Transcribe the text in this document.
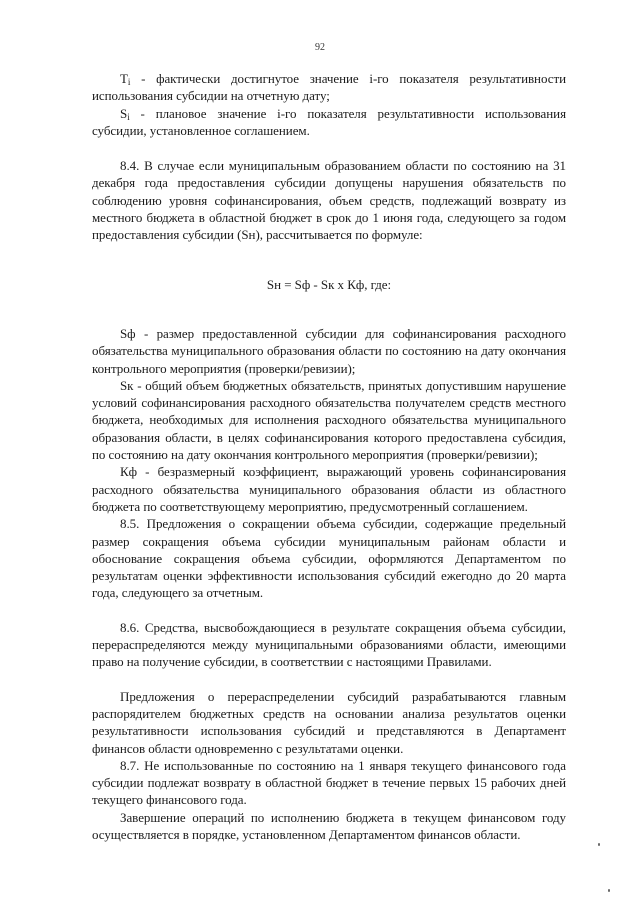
92

$T_i$ - фактически достигнутое значение i-го показателя результативности использования субсидии на отчетную дату;

$S_i$ - плановое значение i-го показателя результативности использования субсидии, установленное соглашением.

8.4. В случае если муниципальным образованием области по состоянию на 31 декабря года предоставления субсидии допущены нарушения обязательств по соблюдению уровня софинансирования, объем средств, подлежащий возврату из местного бюджета в областной бюджет в срок до 1 июня года, следующего за годом предоставления субсидии (Sн), рассчитывается по формуле:

Sн = Sф - Sк х Кф, где:

Sф - размер предоставленной субсидии для софинансирования расходного обязательства муниципального образования области по состоянию на дату окончания контрольного мероприятия (проверки/ревизии);

Sк - общий объем бюджетных обязательств, принятых допустившим нарушение условий софинансирования расходного обязательства получателем средств местного бюджета, необходимых для исполнения расходного обязательства муниципального образования области, в целях софинансирования которого предоставлена субсидия, по состоянию на дату окончания контрольного мероприятия (проверки/ревизии);

Кф - безразмерный коэффициент, выражающий уровень софинансирования расходного обязательства муниципального образования области из областного бюджета по соответствующему мероприятию, предусмотренный соглашением.

8.5. Предложения о сокращении объема субсидии, содержащие предельный размер сокращения объема субсидии муниципальным районам области и обоснование сокращения объема субсидии, оформляются Департаментом по результатам оценки эффективности использования субсидий ежегодно до 20 марта года, следующего за отчетным.

8.6. Средства, высвобождающиеся в результате сокращения объема субсидии, перераспределяются между муниципальными образованиями области, имеющими право на получение субсидии, в соответствии с настоящими Правилами.

Предложения о перераспределении субсидий разрабатываются главным распорядителем бюджетных средств на основании анализа результатов оценки результативности использования субсидий и представляются в Департамент финансов области одновременно с результатами оценки.

8.7. Не использованные по состоянию на 1 января текущего финансового года субсидии подлежат возврату в областной бюджет в течение первых 15 рабочих дней текущего финансового года.

Завершение операций по исполнению бюджета в текущем финансовом году осуществляется в порядке, установленном Департаментом финансов области.
